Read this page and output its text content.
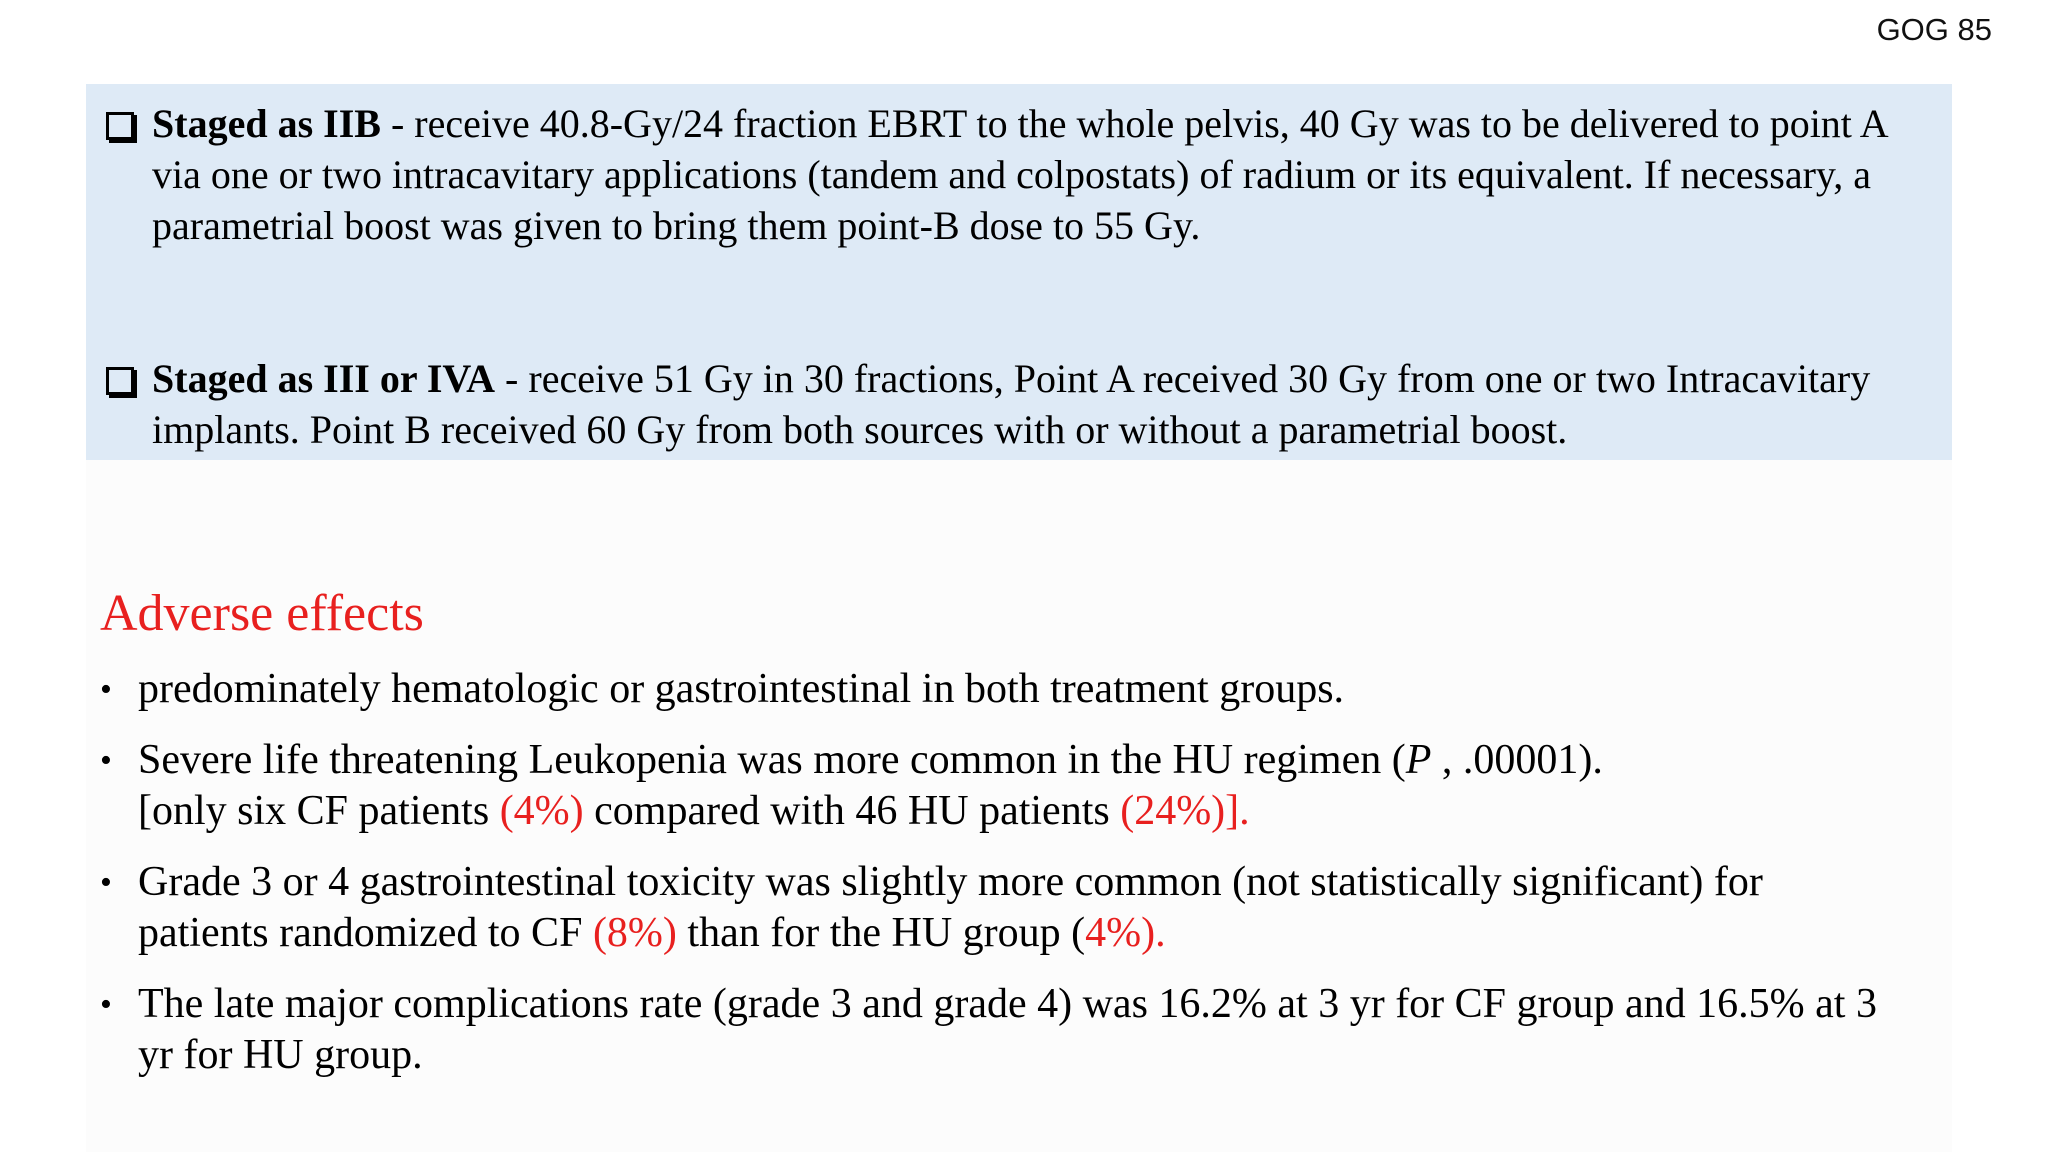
GOG 85
Staged as IIB - receive 40.8-Gy/24 fraction EBRT to the whole pelvis, 40 Gy was to be delivered to point A via one or two intracavitary applications (tandem and colpostats) of radium or its equivalent. If necessary, a parametrial boost was given to bring them point-B dose to 55 Gy.
Staged as III or IVA - receive 51 Gy in 30 fractions, Point A received 30 Gy from one or two Intracavitary implants. Point B received 60 Gy from both sources with or without a parametrial boost.
Adverse effects
• predominately hematologic or gastrointestinal in both treatment groups.
• Severe life threatening Leukopenia was more common in the HU regimen (P , .00001).
[only six CF patients (4%) compared with 46 HU patients (24%)].
• Grade 3 or 4 gastrointestinal toxicity was slightly more common (not statistically significant) for patients randomized to CF (8%) than for the HU group (4%).
• The late major complications rate (grade 3 and grade 4) was 16.2% at 3 yr for CF group and 16.5% at 3 yr for HU group.
